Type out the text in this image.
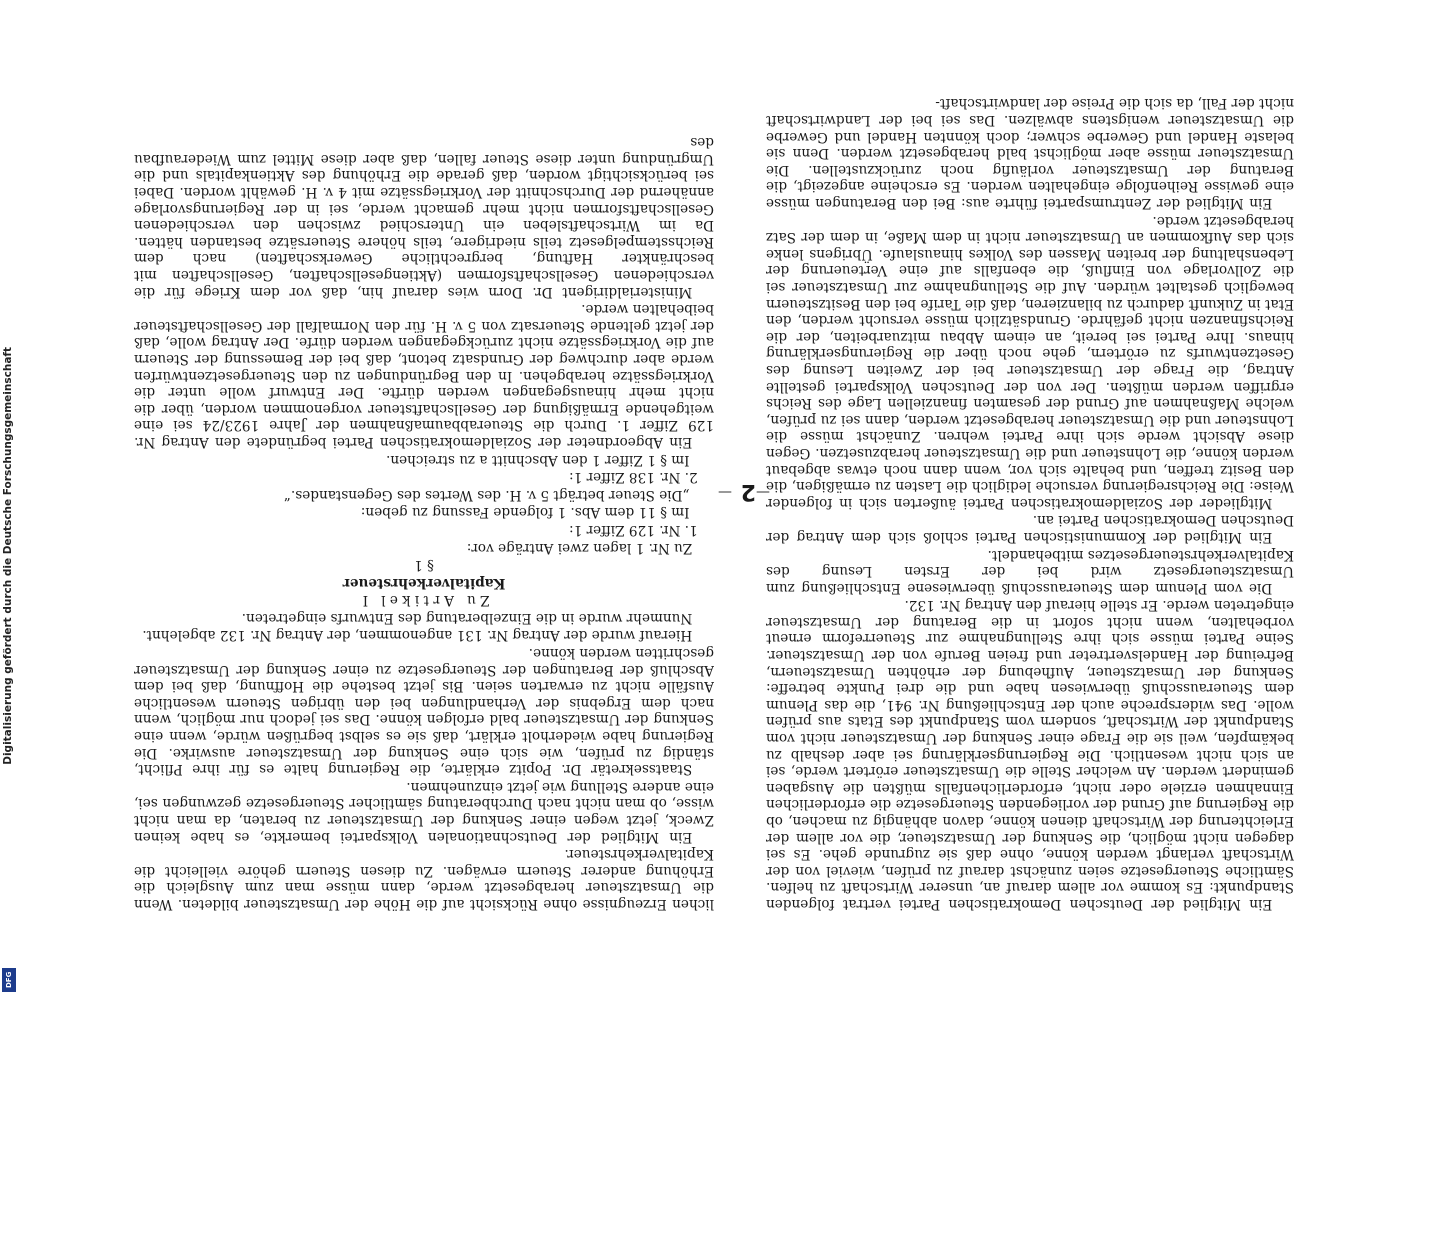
—
2
—

Ein Mitglied der Deutschen Demokratischen Partei vertrat folgenden Standpunkt: Es komme vor allem darauf an, unserer Wirtschaft zu helfen. Sämtliche Steuergesetze seien zunächst darauf zu prüfen, wieviel von der Wirtschaft verlangt werden könne, ohne daß sie zugrunde gehe. Es sei dagegen nicht möglich, die Senkung der Umsatzsteuer, die vor allem der Erleichterung der Wirtschaft dienen könne, davon abhängig zu machen, ob die Regierung auf Grund der vorliegenden Steuergesetze die erforderlichen Einnahmen erziele oder nicht, erforderlichenfalls müßten die Ausgaben gemindert werden. An welcher Stelle die Umsatzsteuer erörtert werde, sei an sich nicht wesentlich. Die Regierungserklärung sei aber deshalb zu bekämpfen, weil sie die Frage einer Senkung der Umsatzsteuer nicht vom Standpunkt der Wirtschaft, sondern vom Standpunkt des Etats aus prüfen wolle. Das widerspreche auch der Entschließung Nr. 941, die das Plenum dem Steuerausschuß überwiesen habe und die drei Punkte betreffe: Senkung der Umsatzsteuer, Aufhebung der erhöhten Umsatzsteuern, Befreiung der Handelsvertreter und freien Berufe von der Umsatzsteuer. Seine Partei müsse sich ihre Stellungnahme zur Steuerreform erneut vorbehalten, wenn nicht sofort in die Beratung der Umsatzsteuer eingetreten werde. Er stelle hierauf den Antrag Nr. 132.

Die vom Plenum dem Steuerausschuß überwiesene Entschließung zum Umsatzsteuergesetz wird bei der Ersten Lesung des Kapitalverkehrsteuergesetzes mitbehandelt.

Ein Mitglied der Kommunistischen Partei schloß sich dem Antrag der Deutschen Demokratischen Partei an.

Mitglieder der Sozialdemokratischen Partei äußerten sich in folgender Weise: Die Reichsregierung versuche lediglich die Lasten zu ermäßigen, die den Besitz treffen, und behalte sich vor, wenn dann noch etwas abgebaut werden könne, die Lohnsteuer und die Umsatzsteuer herabzusetzen. Gegen diese Absicht werde sich ihre Partei wehren. Zunächst müsse die Lohnsteuer und die Umsatzsteuer herabgesetzt werden, dann sei zu prüfen, welche Maßnahmen auf Grund der gesamten finanziellen Lage des Reichs ergriffen werden müßten. Der von der Deutschen Volkspartei gestellte Antrag, die Frage der Umsatzsteuer bei der Zweiten Lesung des Gesetzentwurfs zu erörtern, gehe noch über die Regierungserklärung hinaus. Ihre Partei sei bereit, an einem Abbau mitzuarbeiten, der die Reichsfinanzen nicht gefährde. Grundsätzlich müsse versucht werden, den Etat in Zukunft dadurch zu bilanzieren, daß die Tarife bei den Besitzsteuern beweglich gestaltet würden. Auf die Stellungnahme zur Umsatzsteuer sei die Zollvorlage von Einfluß, die ebenfalls auf eine Verteuerung der Lebenshaltung der breiten Massen des Volkes hinauslaufe. Übrigens lenke sich das Aufkommen an Umsatzsteuer nicht in dem Maße, in dem der Satz herabgesetzt werde.

Ein Mitglied der Zentrumspartei führte aus: Bei den Beratungen müsse eine gewisse Reihenfolge eingehalten werden. Es erscheine angezeigt, die Beratung der Umsatzsteuer vorläufig noch zurückzustellen. Die Umsatzsteuer müsse aber möglichst bald herabgesetzt werden. Denn sie belaste Handel und Gewerbe schwer; doch könnten Handel und Gewerbe die Umsatzsteuer wenigstens abwälzen. Das sei bei der Landwirtschaft nicht der Fall, da sich die Preise der landwirtschaft-

lichen Erzeugnisse ohne Rücksicht auf die Höhe der Umsatzsteuer bildeten. Wenn die Umsatzsteuer herabgesetzt werde, dann müsse man zum Ausgleich die Erhöhung anderer Steuern erwägen. Zu diesen Steuern gehöre vielleicht die Kapitalverkehrsteuer.

Ein Mitglied der Deutschnationalen Volkspartei bemerkte, es habe keinen Zweck, jetzt wegen einer Senkung der Umsatzsteuer zu beraten, da man nicht wisse, ob man nicht nach Durchberatung sämtlicher Steuergesetze gezwungen sei, eine andere Stellung wie jetzt einzunehmen.

Staatssekretär Dr. Popitz erklärte, die Regierung halte es für ihre Pflicht, ständig zu prüfen, wie sich eine Senkung der Umsatzsteuer auswirke. Die Regierung habe wiederholt erklärt, daß sie es selbst begrüßen würde, wenn eine Senkung der Umsatzsteuer bald erfolgen könne. Das sei jedoch nur möglich, wenn nach dem Ergebnis der Verhandlungen bei den übrigen Steuern wesentliche Ausfälle nicht zu erwarten seien. Bis jetzt bestehe die Hoffnung, daß bei dem Abschluß der Beratungen der Steuergesetze zu einer Senkung der Umsatzsteuer geschritten werden könne.

Hierauf wurde der Antrag Nr. 131 angenommen, der Antrag Nr. 132 abgelehnt.

Nunmehr wurde in die Einzelberatung des Entwurfs eingetreten.

Zu Artikel I

Kapitalverkehrsteuer

§ 1

Zu Nr. 1 lagen zwei Anträge vor:

1. Nr. 129 Ziffer 1:

Im § 11 dem Abs. 1 folgende Fassung zu geben:

„Die Steuer beträgt 5 v. H. des Wertes des Gegenstandes.“

2. Nr. 138 Ziffer 1:

Im § 1 Ziffer 1 den Abschnitt a zu streichen.

Ein Abgeordneter der Sozialdemokratischen Partei begründete den Antrag Nr. 129 Ziffer 1. Durch die Steuerabbaumaßnahmen der Jahre 1923/24 sei eine weitgehende Ermäßigung der Gesellschaftsteuer vorgenommen worden, über die nicht mehr hinausgegangen werden dürfte. Der Entwurf wolle unter die Vorkriegssätze herabgehen. In den Begründungen zu den Steuergesetzentwürfen werde aber durchweg der Grundsatz betont, daß bei der Bemessung der Steuern auf die Vorkriegssätze nicht zurückgegangen werden dürfe. Der Antrag wolle, daß der jetzt geltende Steuersatz von 5 v. H. für den Normalfall der Gesellschaftsteuer beibehalten werde.

Ministerialdirigent Dr. Dorn wies darauf hin, daß vor dem Kriege für die verschiedenen Gesellschaftsformen (Aktiengesellschaften, Gesellschaften mit beschränkter Haftung, bergrechtliche Gewerkschaften) nach dem Reichsstempelgesetz teils niedrigere, teils höhere Steuersätze bestanden hätten. Da im Wirtschaftsleben ein Unterschied zwischen den verschiedenen Gesellschaftsformen nicht mehr gemacht werde, sei in der Regierungsvorlage annähernd der Durchschnitt der Vorkriegssätze mit 4 v. H. gewählt worden. Dabei sei berücksichtigt worden, daß gerade die Erhöhung des Aktienkapitals und die Umgründung unter diese Steuer fallen, daß aber diese Mittel zum Wiederaufbau des

Digitalisierung gefördert durch die Deutsche Forschungsgemeinschaft
DFG
